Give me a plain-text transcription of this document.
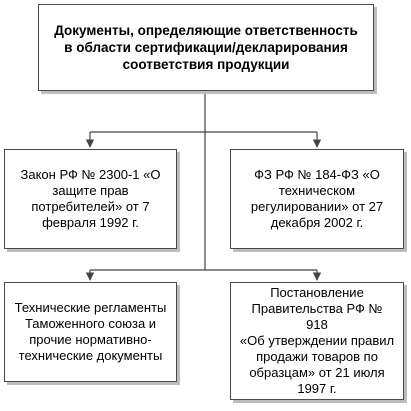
Документы, определяющие ответственность
в области сертификации/декларирования
соответствия продукции
Закон РФ № 2300-1 «О
защите прав
потребителей» от 7
февраля 1992 г.
ФЗ РФ № 184-ФЗ «О
техническом
регулировании» от 27
декабря 2002 г.
Технические регламенты
Таможенного союза и
прочие нормативно-
технические документы
Постановление
Правительства РФ № 918
«Об утверждении правил
продажи товаров по
образцам» от 21 июля
1997 г.
